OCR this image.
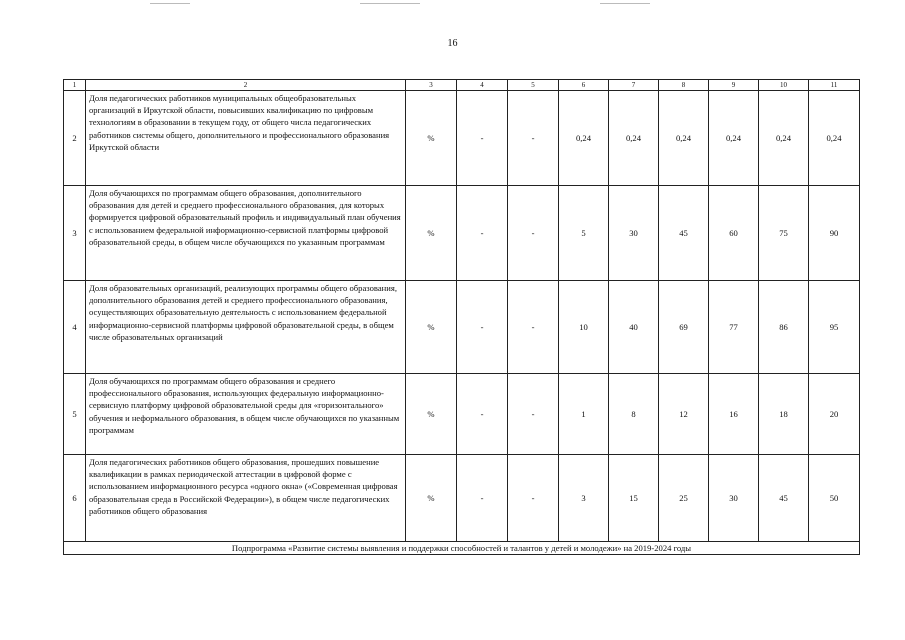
16
1	2	3	4	5	6	7	8	9	10	11
2	Доля педагогических работников муниципальных общеобразовательных организаций в Иркутской области, повысивших квалификацию по цифровым технологиям в образовании в текущем году, от общего числа педагогических работников системы общего, дополнительного и профессионального образования Иркутской области	%	-	-	0,24	0,24	0,24	0,24	0,24	0,24
3	Доля обучающихся по программам общего образования, дополнительного образования для детей и среднего профессионального образования, для которых формируется цифровой образовательный профиль и индивидуальный план обучения с использованием федеральной информационно-сервисной платформы цифровой образовательной среды, в общем числе обучающихся по указанным программам	%	-	-	5	30	45	60	75	90
4	Доля образовательных организаций, реализующих программы общего образования, дополнительного образования детей и среднего профессионального образования, осуществляющих образовательную деятельность с использованием федеральной информационно-сервисной платформы цифровой образовательной среды, в общем числе образовательных организаций	%	-	-	10	40	69	77	86	95
5	Доля обучающихся по программам общего образования и среднего профессионального образования, использующих федеральную информационно-сервисную платформу цифровой образовательной среды для «горизонтального» обучения и неформального образования, в общем числе обучающихся по указанным программам	%	-	-	1	8	12	16	18	20
6	Доля педагогических работников общего образования, прошедших повышение квалификации в рамках периодической аттестации в цифровой форме с использованием информационного ресурса «одного окна» («Современная цифровая образовательная среда в Российской Федерации»), в общем числе педагогических работников общего образования	%	-	-	3	15	25	30	45	50
Подпрограмма «Развитие системы выявления и поддержки способностей и талантов у детей и молодежи» на 2019-2024 годы										
